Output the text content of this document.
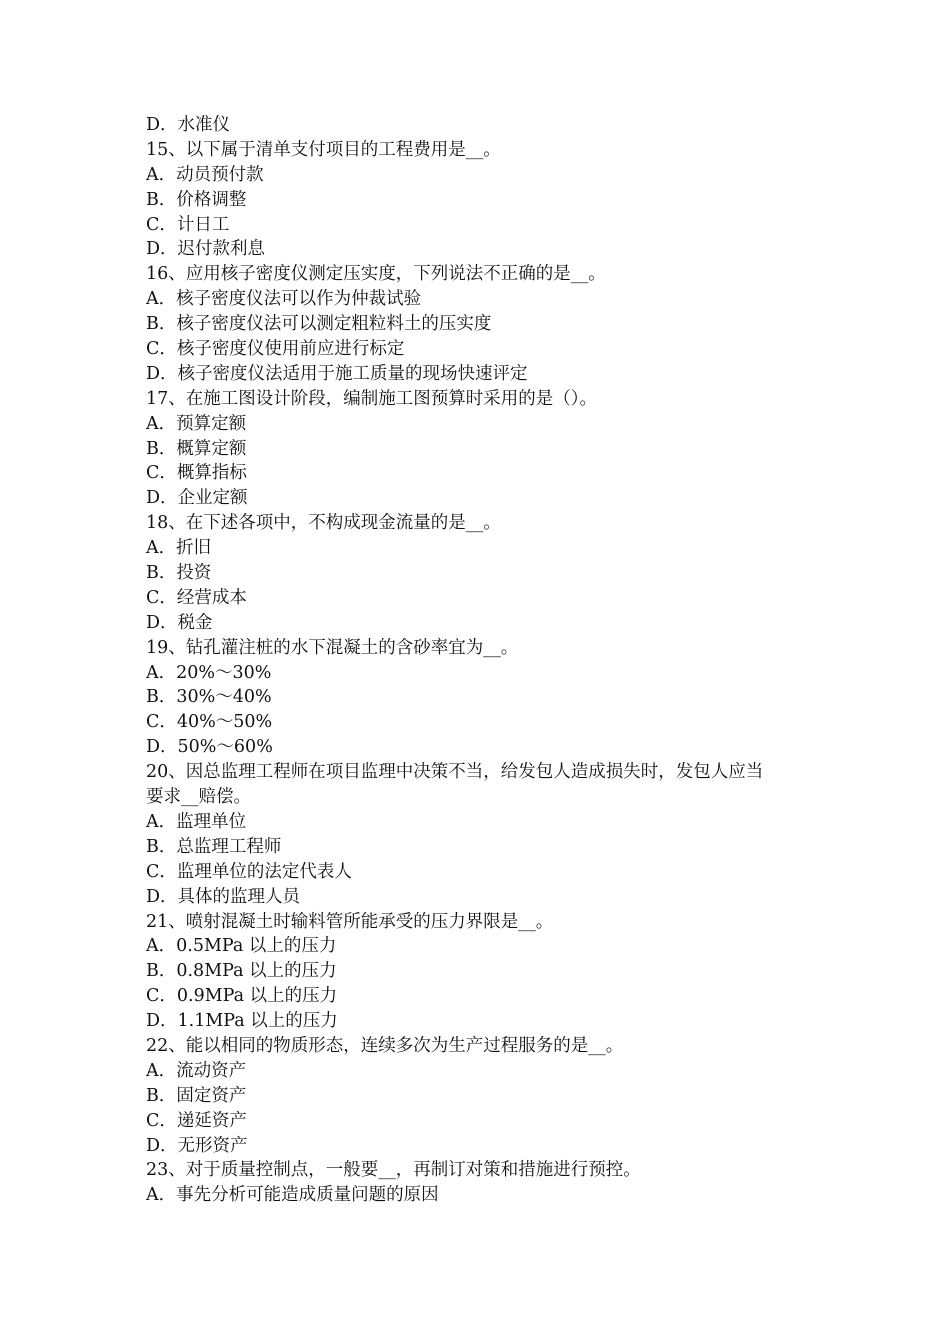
D．水准仪

15、以下属于清单支付项目的工程费用是__。

A．动员预付款

B．价格调整

C．计日工

D．迟付款利息

16、应用核子密度仪测定压实度，下列说法不正确的是__。

A．核子密度仪法可以作为仲裁试验

B．核子密度仪法可以测定粗粒料土的压实度

C．核子密度仪使用前应进行标定

D．核子密度仪法适用于施工质量的现场快速评定

17、在施工图设计阶段，编制施工图预算时采用的是（）。

A．预算定额

B．概算定额

C．概算指标

D．企业定额

18、在下述各项中，不构成现金流量的是__。

A．折旧

B．投资

C．经营成本

D．税金

19、钻孔灌注桩的水下混凝土的含砂率宜为__。

A．20%～30%

B．30%～40%

C．40%～50%

D．50%～60%

20、因总监理工程师在项目监理中决策不当，给发包人造成损失时，发包人应当

要求__赔偿。

A．监理单位

B．总监理工程师

C．监理单位的法定代表人

D．具体的监理人员

21、喷射混凝土时输料管所能承受的压力界限是__。

A．0.5MPa 以上的压力

B．0.8MPa 以上的压力

C．0.9MPa 以上的压力

D．1.1MPa 以上的压力

22、能以相同的物质形态，连续多次为生产过程服务的是__。

A．流动资产

B．固定资产

C．递延资产

D．无形资产

23、对于质量控制点，一般要__，再制订对策和措施进行预控。

A．事先分析可能造成质量问题的原因
